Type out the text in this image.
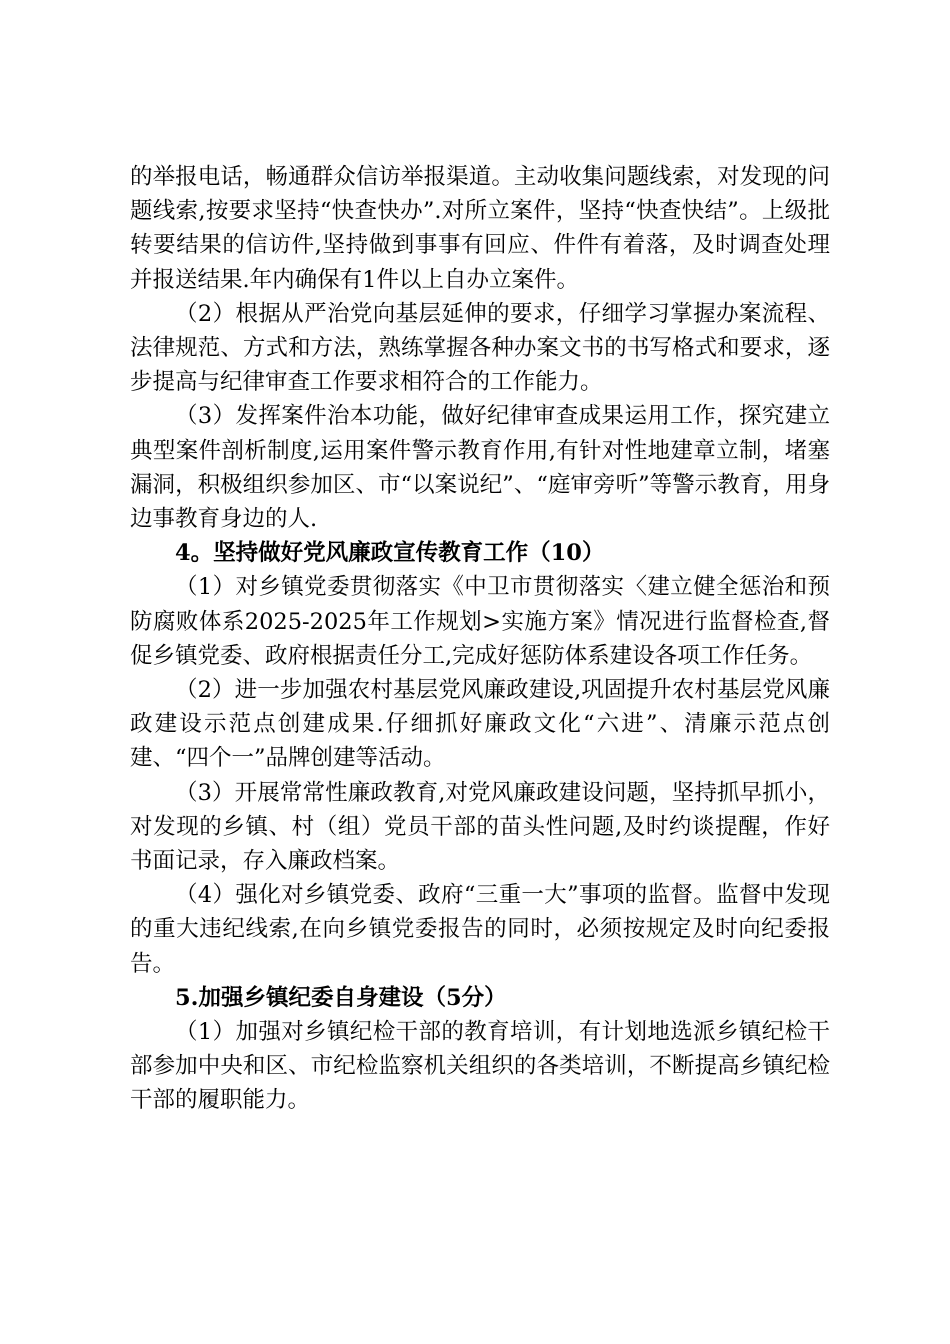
的举报电话，畅通群众信访举报渠道。主动收集问题线索，对发现的问题线索,按要求坚持“快查快办”.对所立案件，坚持“快查快结”。上级批转要结果的信访件,坚持做到事事有回应、件件有着落，及时调查处理并报送结果.年内确保有1件以上自办立案件。

（2）根据从严治党向基层延伸的要求，仔细学习掌握办案流程、法律规范、方式和方法，熟练掌握各种办案文书的书写格式和要求，逐步提高与纪律审查工作要求相符合的工作能力。

（3）发挥案件治本功能，做好纪律审查成果运用工作，探究建立典型案件剖析制度,运用案件警示教育作用,有针对性地建章立制，堵塞漏洞，积极组织参加区、市“以案说纪”、“庭审旁听”等警示教育，用身边事教育身边的人.

4。坚持做好党风廉政宣传教育工作（10）

（1）对乡镇党委贯彻落实《中卫市贯彻落实〈建立健全惩治和预防腐败体系2025-2025年工作规划>实施方案》情况进行监督检查,督促乡镇党委、政府根据责任分工,完成好惩防体系建设各项工作任务。

（2）进一步加强农村基层党风廉政建设,巩固提升农村基层党风廉政建设示范点创建成果.仔细抓好廉政文化“六进”、清廉示范点创建、“四个一”品牌创建等活动。

（3）开展常常性廉政教育,对党风廉政建设问题，坚持抓早抓小，对发现的乡镇、村（组）党员干部的苗头性问题,及时约谈提醒，作好书面记录，存入廉政档案。

（4）强化对乡镇党委、政府“三重一大”事项的监督。监督中发现的重大违纪线索,在向乡镇党委报告的同时，必须按规定及时向纪委报告。

5.加强乡镇纪委自身建设（5分）

（1）加强对乡镇纪检干部的教育培训，有计划地选派乡镇纪检干部参加中央和区、市纪检监察机关组织的各类培训，不断提高乡镇纪检干部的履职能力。
